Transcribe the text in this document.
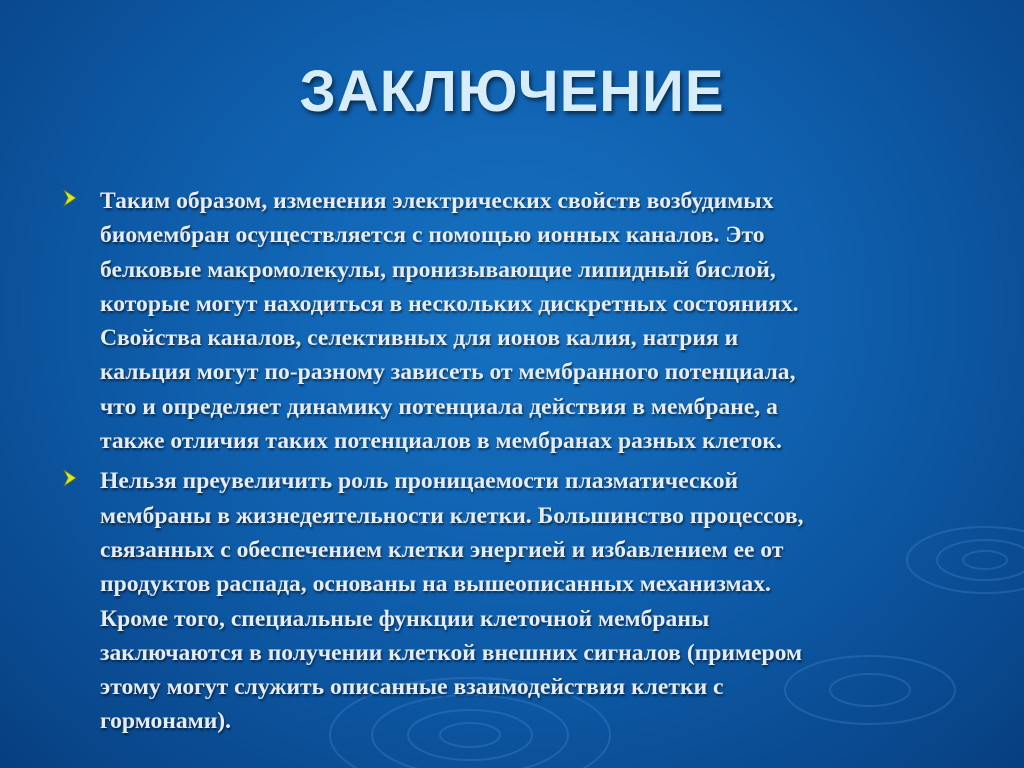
ЗАКЛЮЧЕНИЕ
Таким образом, изменения электрических свойств возбудимых
биомембран осуществляется с помощью ионных каналов. Это
белковые макромолекулы, пронизывающие липидный бислой,
которые могут находиться в нескольких дискретных состояниях.
Свойства каналов, селективных для ионов калия, натрия и
кальция могут по-разному зависеть от мембранного потенциала,
что и определяет динамику потенциала действия в мембране, а
также отличия таких потенциалов в мембранах разных клеток.
Нельзя преувеличить роль проницаемости плазматической
мембраны в жизнедеятельности клетки. Большинство процессов,
связанных с обеспечением клетки энергией и избавлением ее от
продуктов распада, основаны на вышеописанных механизмах.
Кроме того, специальные функции клеточной мембраны
заключаются в получении клеткой внешних сигналов (примером
этому могут служить описанные взаимодействия клетки с
гормонами).
